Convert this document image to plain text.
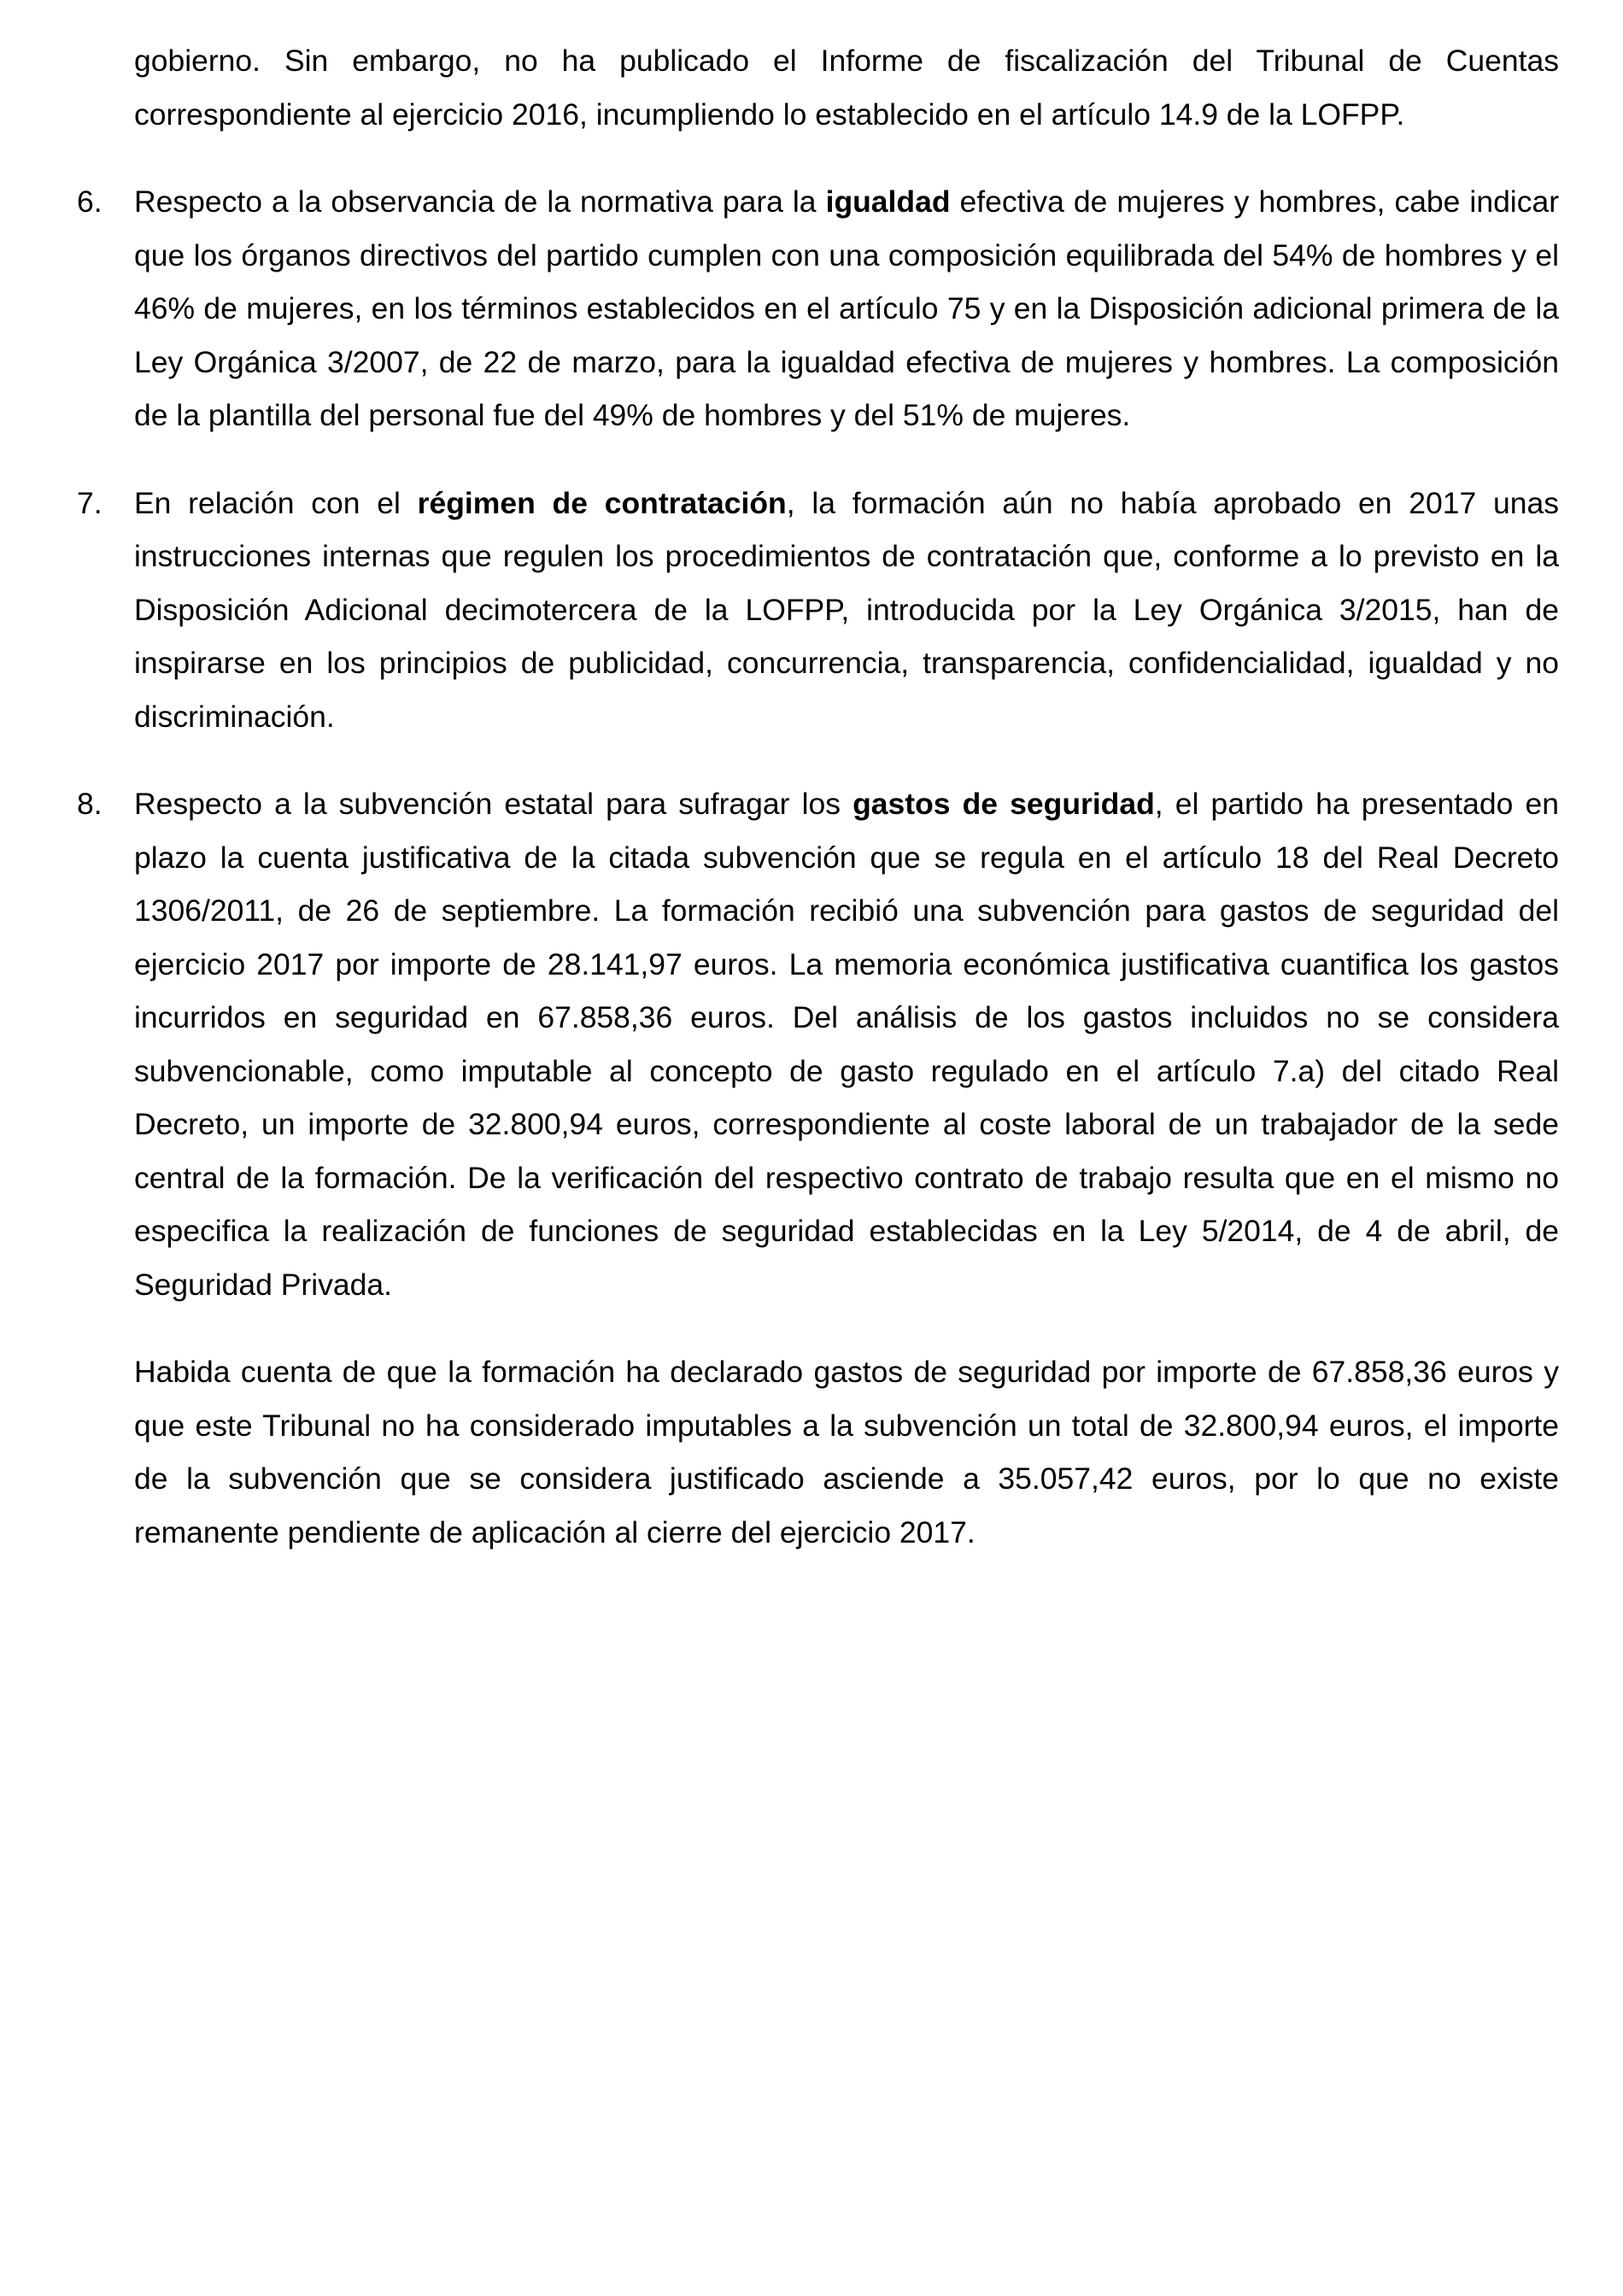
gobierno. Sin embargo, no ha publicado el Informe de fiscalización del Tribunal de Cuentas correspondiente al ejercicio 2016, incumpliendo lo establecido en el artículo 14.9 de la LOFPP.

6.	Respecto a la observancia de la normativa para la igualdad efectiva de mujeres y hombres, cabe indicar que los órganos directivos del partido cumplen con una composición equilibrada del 54% de hombres y el 46% de mujeres, en los términos establecidos en el artículo 75 y en la Disposición adicional primera de la Ley Orgánica 3/2007, de 22 de marzo, para la igualdad efectiva de mujeres y hombres. La composición de la plantilla del personal fue del 49% de hombres y del 51% de mujeres.

7.	En relación con el régimen de contratación, la formación aún no había aprobado en 2017 unas instrucciones internas que regulen los procedimientos de contratación que, conforme a lo previsto en la Disposición Adicional decimotercera de la LOFPP, introducida por la Ley Orgánica 3/2015, han de inspirarse en los principios de publicidad, concurrencia, transparencia, confidencialidad, igualdad y no discriminación.

8.	Respecto a la subvención estatal para sufragar los gastos de seguridad, el partido ha presentado en plazo la cuenta justificativa de la citada subvención que se regula en el artículo 18 del Real Decreto 1306/2011, de 26 de septiembre. La formación recibió una subvención para gastos de seguridad del ejercicio 2017 por importe de 28.141,97 euros. La memoria económica justificativa cuantifica los gastos incurridos en seguridad en 67.858,36 euros. Del análisis de los gastos incluidos no se considera subvencionable, como imputable al concepto de gasto regulado en el artículo 7.a) del citado Real Decreto, un importe de 32.800,94 euros, correspondiente al coste laboral de un trabajador de la sede central de la formación. De la verificación del respectivo contrato de trabajo resulta que en el mismo no especifica la realización de funciones de seguridad establecidas en la Ley 5/2014, de 4 de abril, de Seguridad Privada.

Habida cuenta de que la formación ha declarado gastos de seguridad por importe de 67.858,36 euros y que este Tribunal no ha considerado imputables a la subvención un total de 32.800,94 euros, el importe de la subvención que se considera justificado asciende a 35.057,42 euros, por lo que no existe remanente pendiente de aplicación al cierre del ejercicio 2017.
